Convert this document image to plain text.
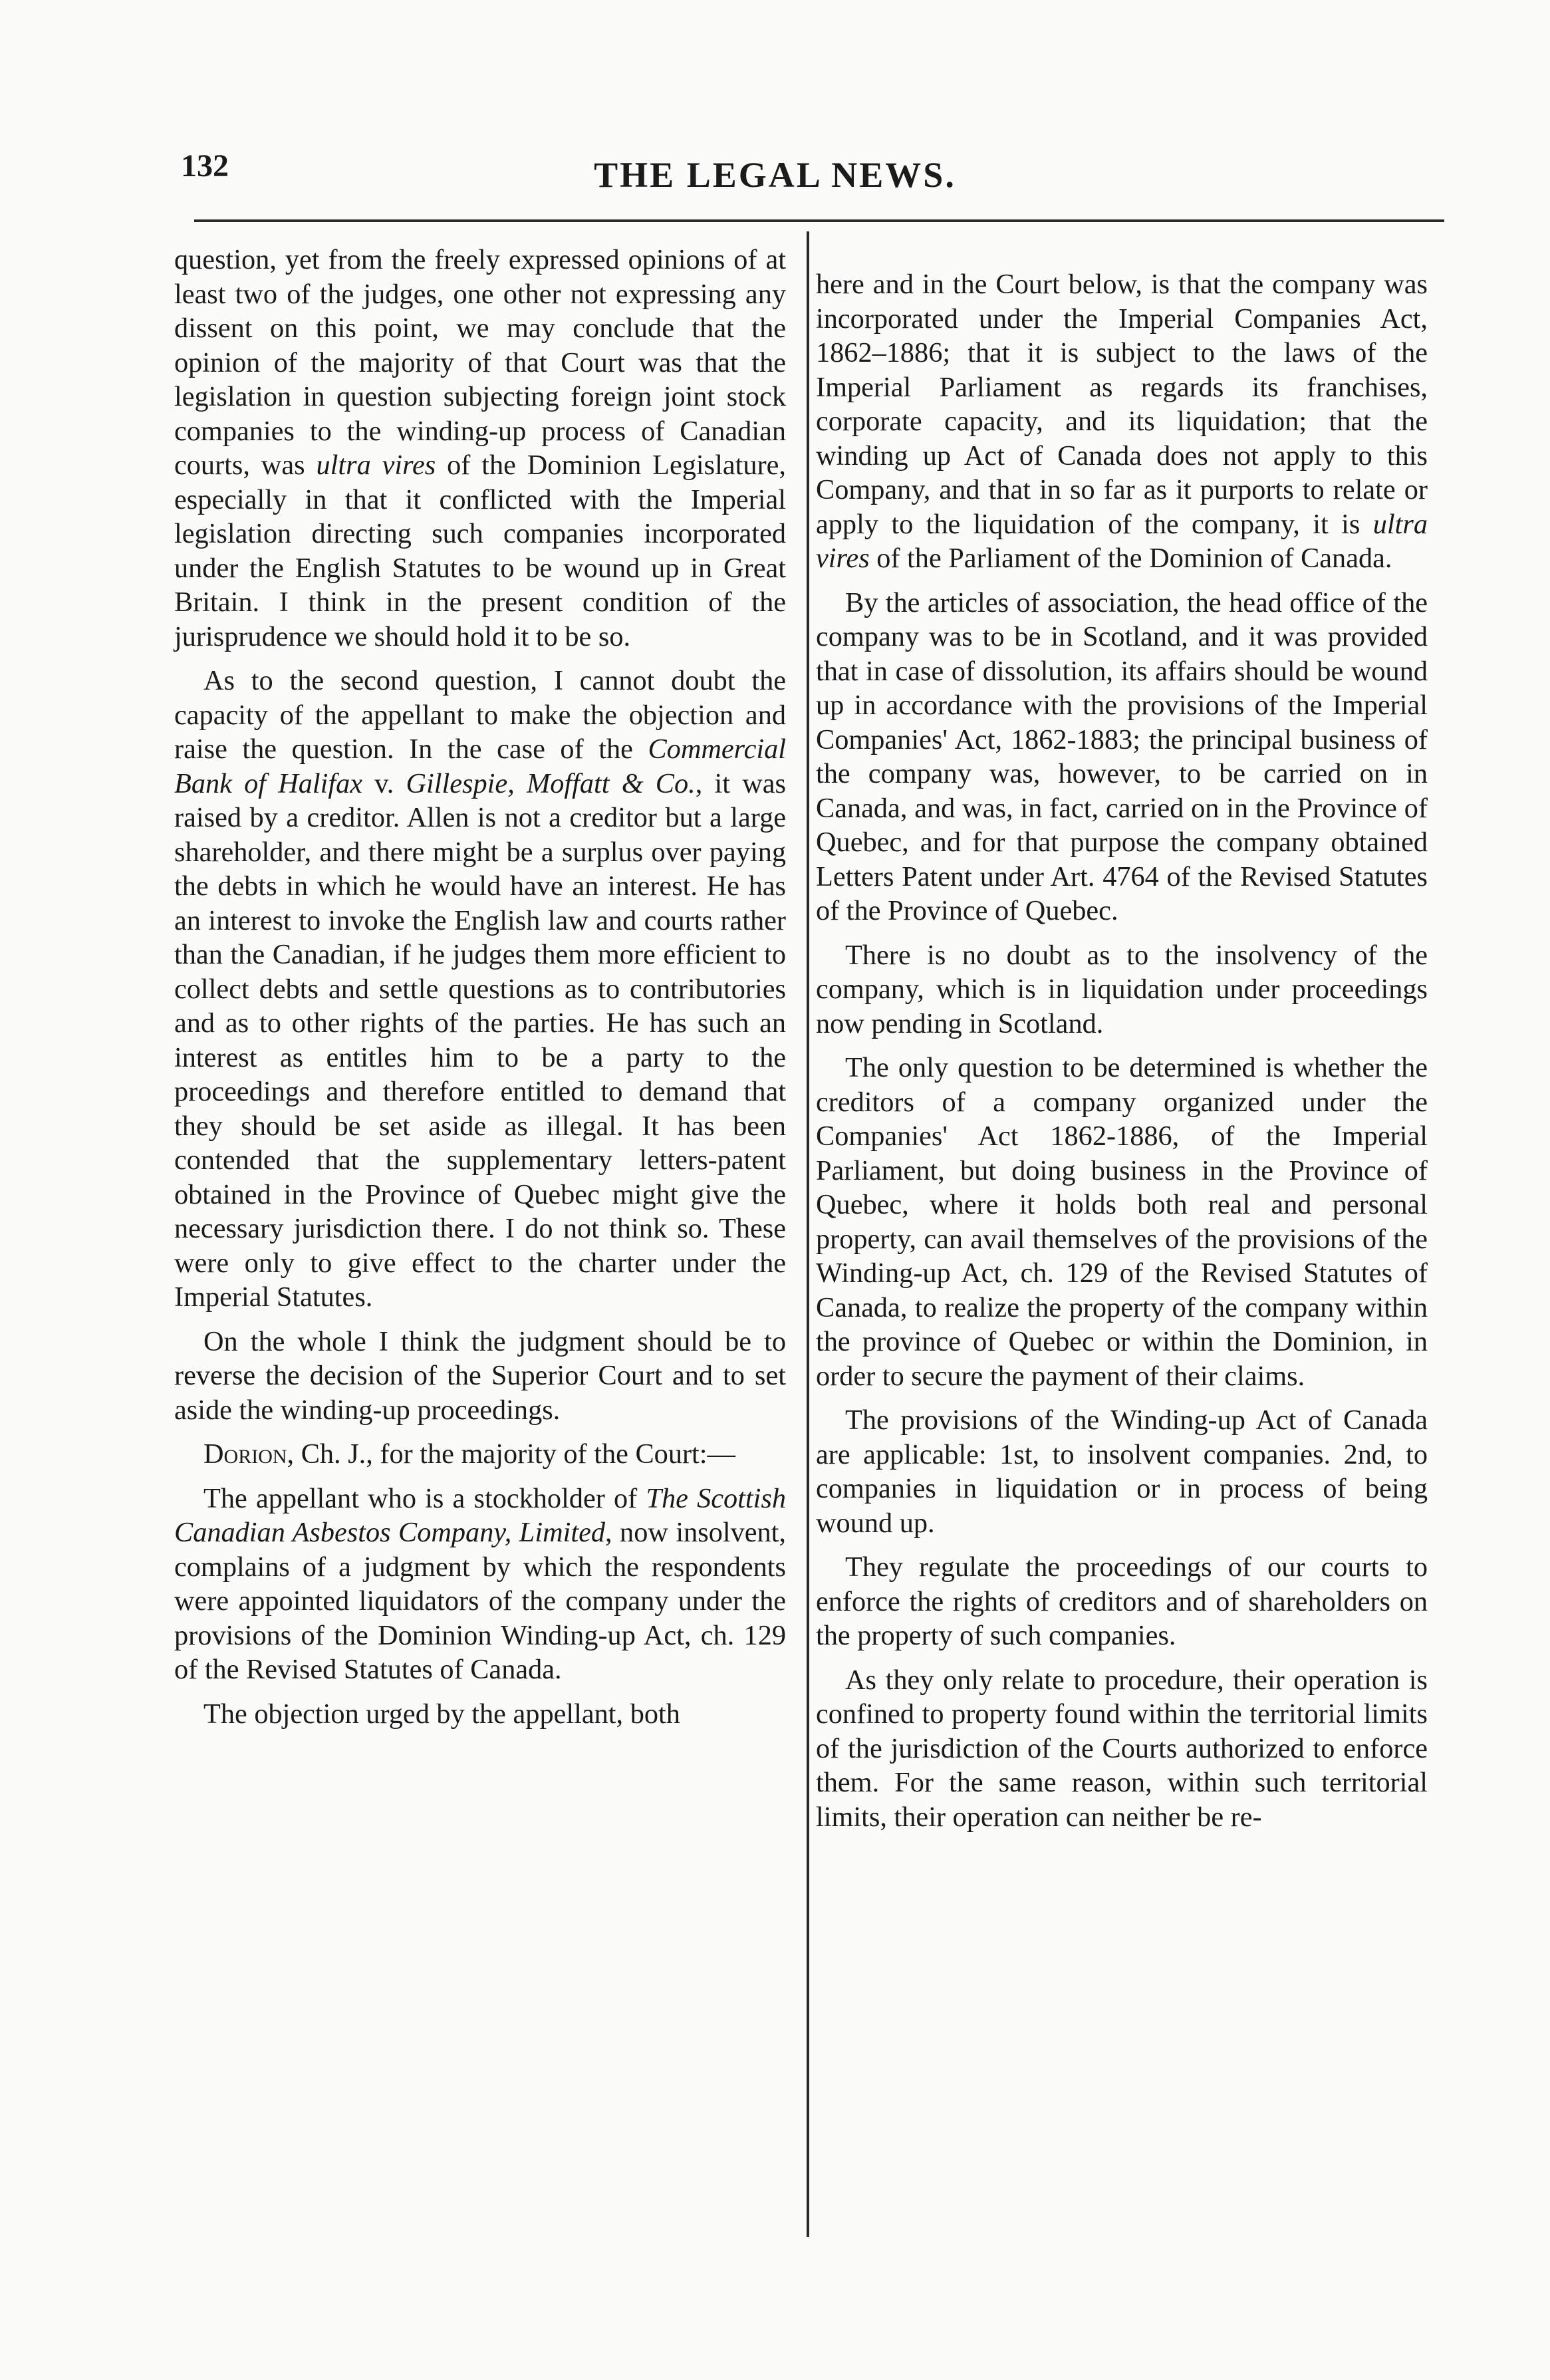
132	THE LEGAL NEWS.

question, yet from the freely expressed opinions of at least two of the judges, one other not expressing any dissent on this point, we may conclude that the opinion of the majority of that Court was that the legislation in question subjecting foreign joint stock companies to the winding-up process of Canadian courts, was ultra vires of the Dominion Legislature, especially in that it conflicted with the Imperial legislation directing such companies incorporated under the English Statutes to be wound up in Great Britain. I think in the present condition of the jurisprudence we should hold it to be so.

As to the second question, I cannot doubt the capacity of the appellant to make the objection and raise the question. In the case of the Commercial Bank of Halifax v. Gillespie, Moffatt & Co., it was raised by a creditor. Allen is not a creditor but a large shareholder, and there might be a surplus over paying the debts in which he would have an interest. He has an interest to invoke the English law and courts rather than the Canadian, if he judges them more efficient to collect debts and settle questions as to contributories and as to other rights of the parties. He has such an interest as entitles him to be a party to the proceedings and therefore entitled to demand that they should be set aside as illegal. It has been contended that the supplementary letters-patent obtained in the Province of Quebec might give the necessary jurisdiction there. I do not think so. These were only to give effect to the charter under the Imperial Statutes.

On the whole I think the judgment should be to reverse the decision of the Superior Court and to set aside the winding-up proceedings.

Dorion, Ch. J., for the majority of the Court:—

The appellant who is a stockholder of The Scottish Canadian Asbestos Company, Limited, now insolvent, complains of a judgment by which the respondents were appointed liquidators of the company under the provisions of the Dominion Winding-up Act, ch. 129 of the Revised Statutes of Canada.

The objection urged by the appellant, both

here and in the Court below, is that the company was incorporated under the Imperial Companies Act, 1862–1886; that it is subject to the laws of the Imperial Parliament as regards its franchises, corporate capacity, and its liquidation; that the winding up Act of Canada does not apply to this Company, and that in so far as it purports to relate or apply to the liquidation of the company, it is ultra vires of the Parliament of the Dominion of Canada.

By the articles of association, the head office of the company was to be in Scotland, and it was provided that in case of dissolution, its affairs should be wound up in accordance with the provisions of the Imperial Companies' Act, 1862-1883; the principal business of the company was, however, to be carried on in Canada, and was, in fact, carried on in the Province of Quebec, and for that purpose the company obtained Letters Patent under Art. 4764 of the Revised Statutes of the Province of Quebec.

There is no doubt as to the insolvency of the company, which is in liquidation under proceedings now pending in Scotland.

The only question to be determined is whether the creditors of a company organized under the Companies' Act 1862-1886, of the Imperial Parliament, but doing business in the Province of Quebec, where it holds both real and personal property, can avail themselves of the provisions of the Winding-up Act, ch. 129 of the Revised Statutes of Canada, to realize the property of the company within the province of Quebec or within the Dominion, in order to secure the payment of their claims.

The provisions of the Winding-up Act of Canada are applicable: 1st, to insolvent companies. 2nd, to companies in liquidation or in process of being wound up.

They regulate the proceedings of our courts to enforce the rights of creditors and of shareholders on the property of such companies.

As they only relate to procedure, their operation is confined to property found within the territorial limits of the jurisdiction of the Courts authorized to enforce them. For the same reason, within such territorial limits, their operation can neither be re-
